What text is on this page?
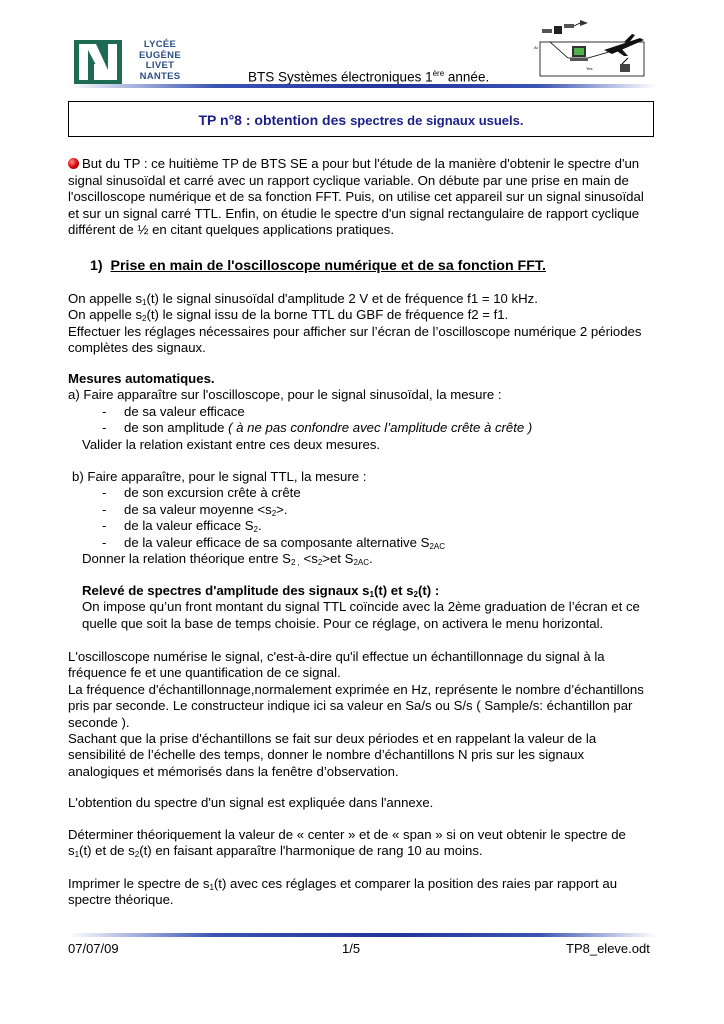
LYCÉE
EUGÈNE
LIVET
NANTES	BTS Systèmes électroniques 1ère année.
Ar
Yes
TP n°8 : obtention des spectres de signaux usuels.
But du TP : ce huitième TP de BTS SE a pour but l'étude de la manière d'obtenir le spectre d'un
signal sinusoïdal et carré avec un rapport cyclique variable. On débute par une prise en main de
l'oscilloscope numérique et de sa fonction FFT. Puis, on utilise cet appareil sur un signal sinusoïdal
et sur un signal carré TTL. Enfin, on étudie le spectre d'un signal rectangulaire de rapport cyclique
différent de ½ en citant quelques applications pratiques.
1) Prise en main de l'oscilloscope numérique et de sa fonction FFT.
On appelle $s_1(t)$ le signal sinusoïdal d'amplitude 2 V et de fréquence f1 = 10 kHz.
On appelle $s_2(t)$ le signal issu de la borne TTL du GBF de fréquence f2 = f1.
Effectuer les réglages nécessaires pour afficher sur l’écran de l’oscilloscope numérique 2 périodes
complètes des signaux.
Mesures automatiques.
a) Faire apparaître sur l'oscilloscope, pour le signal sinusoïdal, la mesure :
- de sa valeur efficace
- de son amplitude ( à ne pas confondre avec l’amplitude crête à crête )
Valider la relation existant entre ces deux mesures.
b) Faire apparaître, pour le signal TTL, la mesure :
- de son excursion crête à crête
- de sa valeur moyenne $<s_2>$.
- de la valeur efficace $S_2$.
- de la valeur efficace de sa composante alternative $S_{2AC}$
Donner la relation théorique entre $S_{2 ,} <s_2>et$ $S_{2AC}$.
Relevé de spectres d'amplitude des signaux $s_1(t)$ et $s_2(t)$ :
On impose qu’un front montant du signal TTL coïncide avec la 2ème graduation de l’écran et ce
quelle que soit la base de temps choisie. Pour ce réglage, on activera le menu horizontal.
L'oscilloscope numérise le signal, c'est-à-dire qu'il effectue un échantillonnage du signal à la
fréquence fe et une quantification de ce signal.
La fréquence d'échantillonnage,normalement exprimée en Hz, représente le nombre d’échantillons
pris par seconde. Le constructeur indique ici sa valeur en Sa/s ou S/s ( Sample/s: échantillon par
seconde ).
Sachant que la prise d'échantillons se fait sur deux périodes et en rappelant la valeur de la
sensibilité de l’échelle des temps, donner le nombre d’échantillons N pris sur les signaux
analogiques et mémorisés dans la fenêtre d’observation.
L'obtention du spectre d'un signal est expliquée dans l'annexe.
Déterminer théoriquement la valeur de « center » et de « span » si on veut obtenir le spectre de
$s_1(t)$ et de $s_2(t)$ en faisant apparaître l'harmonique de rang 10 au moins.
Imprimer le spectre de $s_1(t)$ avec ces réglages et comparer la position des raies par rapport au
spectre théorique.
07/07/09	1/5	TP8_eleve.odt
